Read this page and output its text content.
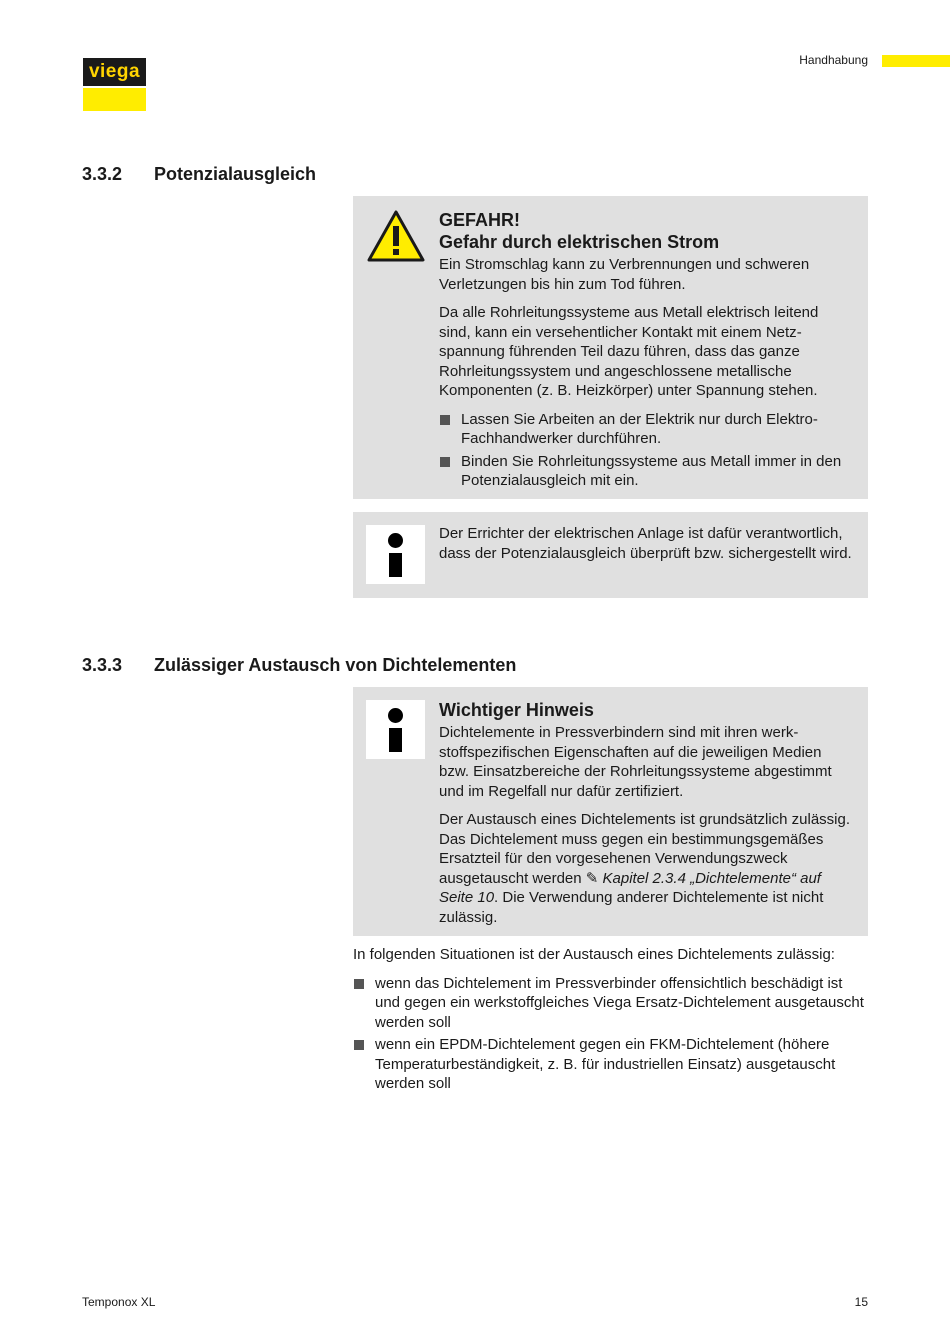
viega
Handhabung
3.3.2 Potenzialausgleich
GEFAHR!
Gefahr durch elektrischen Strom

Ein Stromschlag kann zu Verbrennungen und schweren Verletzungen bis hin zum Tod führen.

Da alle Rohrleitungssysteme aus Metall elektrisch leitend sind, kann ein versehentlicher Kontakt mit einem Netzspannung führenden Teil dazu führen, dass das ganze Rohrleitungssystem und angeschlossene metallische Komponenten (z. B. Heizkörper) unter Spannung stehen.

Lassen Sie Arbeiten an der Elektrik nur durch ElektroFachhandwerker durchführen.
Binden Sie Rohrleitungssysteme aus Metall immer in den Potenzialausgleich mit ein.

Der Errichter der elektrischen Anlage ist dafür verantwortlich, dass der Potenzialausgleich überprüft bzw. sichergestellt wird.

3.3.3 Zulässiger Austausch von Dichtelementen
Wichtiger Hinweis

Dichtelemente in Pressverbindern sind mit ihren werkstoffspezifischen Eigenschaften auf die jeweiligen Medien bzw. Einsatzbereiche der Rohrleitungssysteme abgestimmt und im Regelfall nur dafür zertifiziert.

Der Austausch eines Dichtelements ist grundsätzlich zulässig. Das Dichtelement muss gegen ein bestimmungsgemäßes Ersatzteil für den vorgesehenen Verwendungszweck ausgetauscht werden ✎ Kapitel 2.3.4 „Dichtelemente“ auf Seite 10. Die Verwendung anderer Dichtelemente ist nicht zulässig.

In folgenden Situationen ist der Austausch eines Dichtelements zulässig:

wenn das Dichtelement im Pressverbinder offensichtlich beschädigt ist und gegen ein werkstoffgleiches Viega Ersatz-Dichtelement ausgetauscht werden soll
wenn ein EPDM-Dichtelement gegen ein FKM-Dichtelement (höhere Temperaturbeständigkeit, z. B. für industriellen Einsatz) ausgetauscht werden soll
Temponox XL	15
